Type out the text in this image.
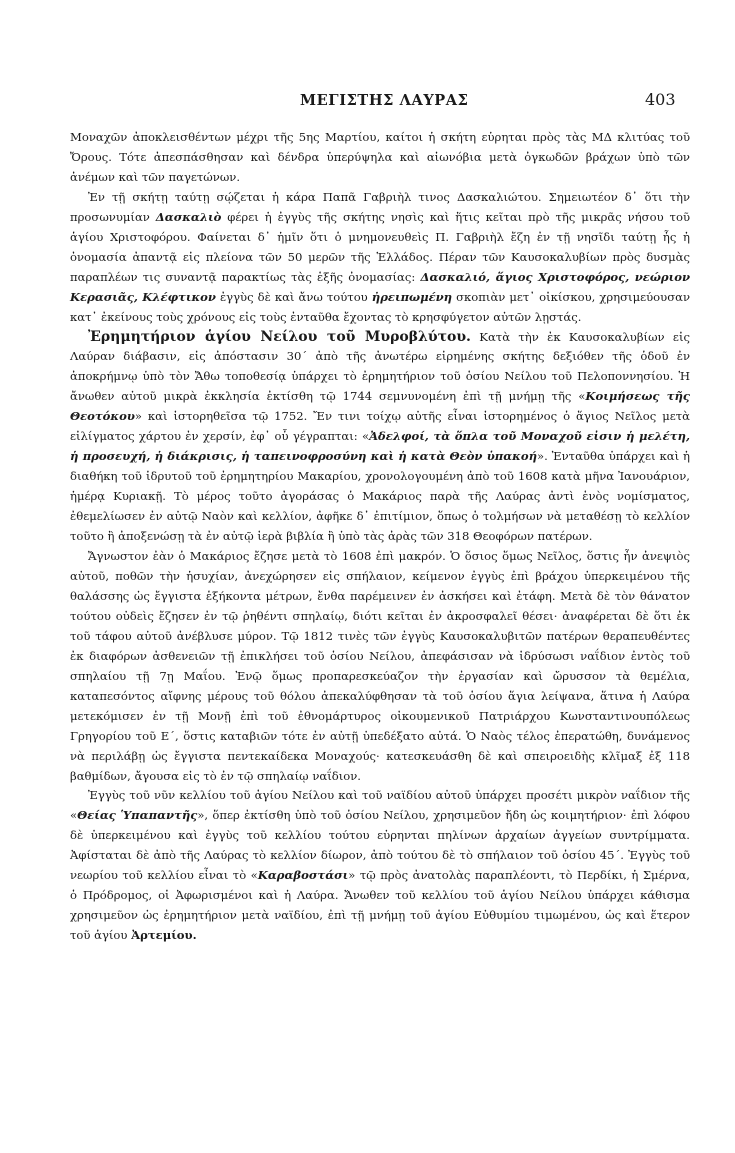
ΜΕΓΙΣΤΗΣ ΛΑΥΡΑΣ	403

Μοναχῶν ἀποκλεισθέντων μέχρι τῆς 5ης Μαρτίου, καίτοι ἡ σκήτη εὑρηται πρὸς τὰς ΜΔ κλιτύας τοῦ Ὄρους. Τότε ἀπεσπάσθησαν καὶ δένδρα ὑπερύψηλα καὶ αἰωνόβια μετὰ ὀγκωδῶν βράχων ὑπὸ τῶν ἀνέμων καὶ τῶν παγετώνων.

Ἐν τῇ σκήτῃ ταύτῃ σῴζεται ἡ κάρα Παπᾶ Γαβριὴλ τινος Δασκαλιώτου. Σημειωτέον δ᾽ ὅτι τὴν προσωνυμίαν Δασκαλιὸ φέρει ἡ ἐγγὺς τῆς σκήτης νησὶς καὶ ἥτις κεῖται πρὸ τῆς μικρᾶς νήσου τοῦ ἁγίου Χριστοφόρου. Φαίνεται δ᾽ ἡμῖν ὅτι ὁ μνημονευθεὶς Π. Γαβριὴλ ἔζη ἐν τῇ νησῖδι ταύτῃ ἧς ἡ ὀνομασία ἀπαντᾷ εἰς πλείονα τῶν 50 μερῶν τῆς Ἑλλάδος. Πέραν τῶν Καυσοκαλυβίων πρὸς δυσμὰς παραπλέων τις συναντᾷ παρακτίως τὰς ἑξῆς ὀνομασίας: Δασκαλιό, ἅγιος Χριστοφόρος, νεώριον Κερασιᾶς, Κλέφτικον ἐγγὺς δὲ καὶ ἄνω τούτου ἠρειπωμένη σκοπιὰν μετ᾽ οἰκίσκου, χρησιμεύουσαν κατ᾽ ἐκείνους τοὺς χρόνους εἰς τοὺς ἐνταῦθα ἔχοντας τὸ κρησφύγετον αὐτῶν λῃστάς.

Ἐρημητήριον ἁγίου Νείλου τοῦ Μυροβλύτου. Κατὰ τὴν ἐκ Καυσοκαλυβίων εἰς Λαύραν διάβασιν, εἰς ἀπόστασιν 30΄ ἀπὸ τῆς ἀνωτέρω εἰρημένης σκήτης δεξιόθεν τῆς ὁδοῦ ἐν ἀποκρήμνῳ ὑπὸ τὸν Ἄθω τοποθεσίᾳ ὑπάρχει τὸ ἐρημητήριον τοῦ ὁσίου Νείλου τοῦ Πελοποννησίου. Ἡ ἄνωθεν αὐτοῦ μικρὰ ἐκκλησία ἐκτίσθη τῷ 1744 σεμνυνομένη ἐπὶ τῇ μνήμῃ τῆς «Κοιμήσεως τῆς Θεοτόκου» καὶ ἱστορηθεῖσα τῷ 1752. Ἔν τινι τοίχῳ αὐτῆς εἶναι ἱστορημένος ὁ ἅγιος Νεῖλος μετὰ εἰλίγματος χάρτου ἐν χερσίν, ἐφ᾽ οὗ γέγραπται: «Ἀδελφοί, τὰ ὅπλα τοῦ Μοναχοῦ εἰσιν ἡ μελέτη, ἡ προσευχή, ἡ διάκρισις, ἡ ταπεινοφροσύνη καὶ ἡ κατὰ Θεὸν ὑπακοή». Ἐνταῦθα ὑπάρχει καὶ ἡ διαθήκη τοῦ ἱδρυτοῦ τοῦ ἐρημητηρίου Μακαρίου, χρονολογουμένη ἀπὸ τοῦ 1608 κατὰ μῆνα Ἰανουάριον, ἡμέρᾳ Κυριακῇ. Τὸ μέρος τοῦτο ἀγοράσας ὁ Μακάριος παρὰ τῆς Λαύρας ἀντὶ ἑνὸς νομίσματος, ἐθεμελίωσεν ἐν αὐτῷ Ναὸν καὶ κελλίον, ἀφῆκε δ᾽ ἐπιτίμιον, ὅπως ὁ τολμήσων νὰ μεταθέσῃ τὸ κελλίον τοῦτο ἢ ἀποξενώσῃ τὰ ἐν αὐτῷ ἱερὰ βιβλία ἢ ὑπὸ τὰς ἀρὰς τῶν 318 Θεοφόρων πατέρων.

Ἄγνωστον ἐὰν ὁ Μακάριος ἔζησε μετὰ τὸ 1608 ἐπὶ μακρόν. Ὁ ὅσιος ὅμως Νεῖλος, ὅστις ἦν ἀνεψιὸς αὐτοῦ, ποθῶν τὴν ἡσυχίαν, ἀνεχώρησεν εἰς σπήλαιον, κείμενον ἐγγὺς ἐπὶ βράχου ὑπερκειμένου τῆς θαλάσσης ὡς ἔγγιστα ἑξήκοντα μέτρων, ἔνθα παρέμεινεν ἐν ἀσκήσει καὶ ἐτάφη. Μετὰ δὲ τὸν θάνατον τούτου οὐδεὶς ἔζησεν ἐν τῷ ῥηθέντι σπηλαίῳ, διότι κεῖται ἐν ἀκροσφαλεῖ θέσει· ἀναφέρεται δὲ ὅτι ἐκ τοῦ τάφου αὐτοῦ ἀνέβλυσε μύρον. Τῷ 1812 τινὲς τῶν ἐγγὺς Καυσοκαλυβιτῶν πατέρων θεραπευθέντες ἐκ διαφόρων ἀσθενειῶν τῇ ἐπικλήσει τοῦ ὁσίου Νείλου, ἀπεφάσισαν νὰ ἱδρύσωσι ναΐδιον ἐντὸς τοῦ σπηλαίου τῇ 7ῃ Μαΐου. Ἐνῷ ὅμως προπαρεσκεύαζον τὴν ἐργασίαν καὶ ὤρυσσον τὰ θεμέλια, καταπεσόντος αἴφνης μέρους τοῦ θόλου ἀπεκαλύφθησαν τὰ τοῦ ὁσίου ἅγια λείψανα, ἅτινα ἡ Λαύρα μετεκόμισεν ἐν τῇ Μονῇ ἐπὶ τοῦ ἐθνομάρτυρος οἰκουμενικοῦ Πατριάρχου Κωνσταντινουπόλεως Γρηγορίου τοῦ Ε΄, ὅστις καταβιῶν τότε ἐν αὐτῇ ὑπεδέξατο αὐτά. Ὁ Ναὸς τέλος ἐπερατώθη, δυνάμενος νὰ περιλάβῃ ὡς ἔγγιστα πεντεκαίδεκα Μοναχούς· κατεσκευάσθη δὲ καὶ σπειροειδὴς κλῖμαξ ἐξ 118 βαθμίδων, ἄγουσα εἰς τὸ ἐν τῷ σπηλαίῳ ναΐδιον.

Ἐγγὺς τοῦ νῦν κελλίου τοῦ ἁγίου Νείλου καὶ τοῦ ναϊδίου αὐτοῦ ὑπάρχει προσέτι μικρὸν ναΐδιον τῆς «Θείας Ὑπαπαντῆς», ὅπερ ἐκτίσθη ὑπὸ τοῦ ὁσίου Νείλου, χρησιμεῦον ἤδη ὡς κοιμητήριον· ἐπὶ λόφου δὲ ὑπερκειμένου καὶ ἐγγὺς τοῦ κελλίου τούτου εὑρηνται πηλίνων ἀρχαίων ἀγγείων συντρίμματα. Ἀφίσταται δὲ ἀπὸ τῆς Λαύρας τὸ κελλίον δίωρον, ἀπὸ τούτου δὲ τὸ σπήλαιον τοῦ ὁσίου 45΄. Ἐγγὺς τοῦ νεωρίου τοῦ κελλίου εἶναι τὸ «Καραβοστάσι» τῷ πρὸς ἀνατολὰς παραπλέοντι, τὸ Περδίκι, ἡ Σμέρνα, ὁ Πρόδρομος, οἱ Ἀφωρισμένοι καὶ ἡ Λαύρα. Ἄνωθεν τοῦ κελλίου τοῦ ἁγίου Νείλου ὑπάρχει κάθισμα χρησιμεῦον ὡς ἐρημητήριον μετὰ ναϊδίου, ἐπὶ τῇ μνήμῃ τοῦ ἁγίου Εὐθυμίου τιμωμένου, ὡς καὶ ἕτερον τοῦ ἁγίου Ἀρτεμίου.
